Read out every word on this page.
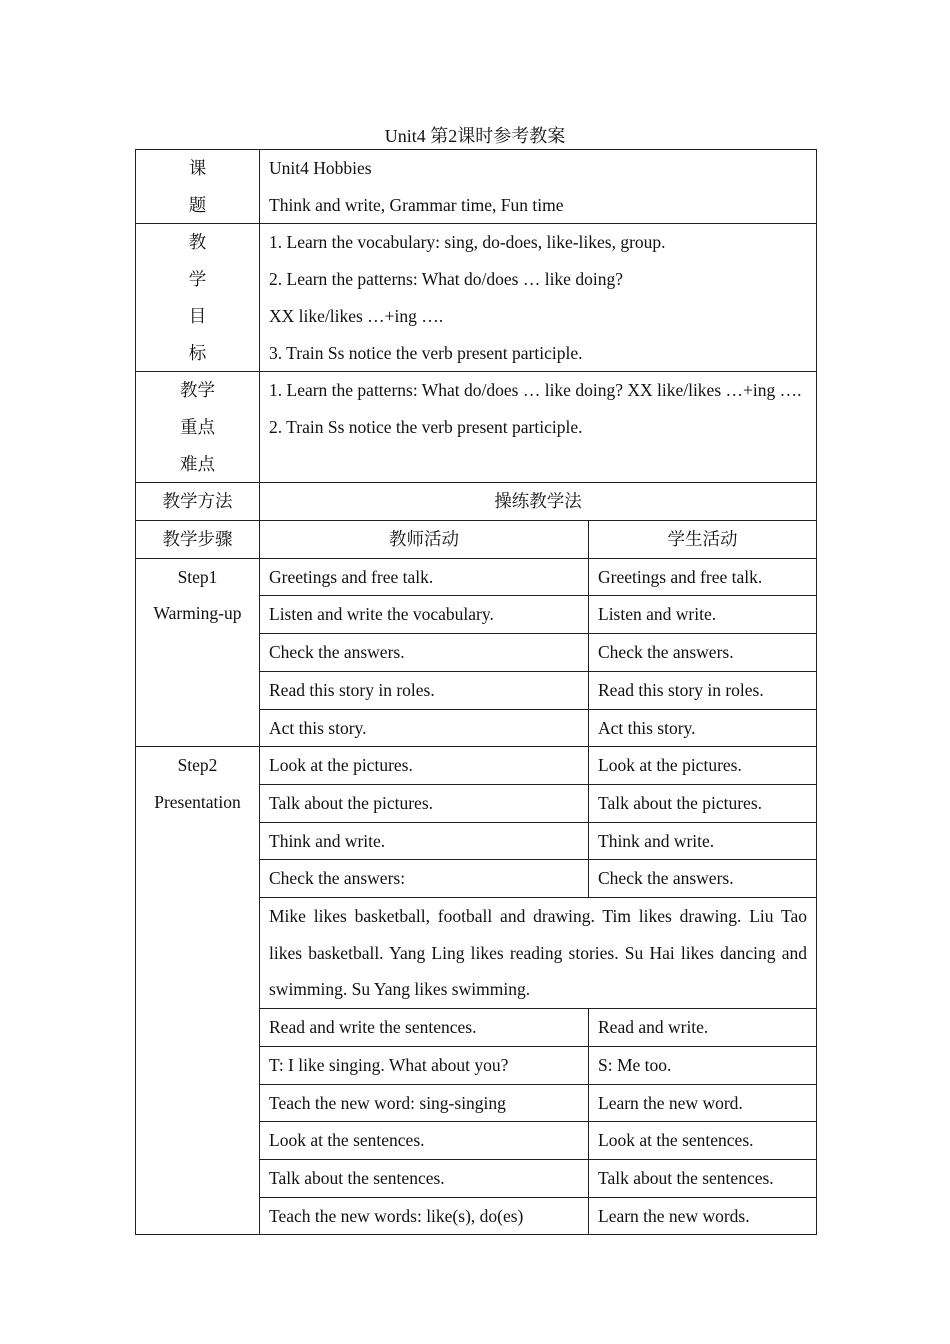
Unit4 第2课时参考教案
课
题	Unit4 Hobbies
Think and write, Grammar time, Fun time	

教
学
目
标	1. Learn the vocabulary: sing, do-does, like-likes, group.
2. Learn the patterns: What do/does … like doing?
XX like/likes …+ing ….
3. Train Ss notice the verb present participle.	

教学
重点
难点	1. Learn the patterns: What do/does … like doing? XX like/likes …+ing ….
2. Train Ss notice the verb present participle.	

教学方法	操练教学法	
教学步骤	教师活动	学生活动

Step1
Warming-up	Greetings and free talk.	Greetings and free talk.
	Listen and write the vocabulary.	Listen and write.
	Check the answers.	Check the answers.
	Read this story in roles.	Read this story in roles.
	Act this story.	Act this story.

Step2
Presentation	Look at the pictures.	Look at the pictures.
	Talk about the pictures.	Talk about the pictures.
	Think and write.	Think and write.
	Check the answers:	Check the answers.
	Mike likes basketball, football and drawing. Tim likes drawing. Liu Tao likes basketball. Yang Ling likes reading stories. Su Hai likes dancing and swimming. Su Yang likes swimming.	
	Read and write the sentences.	Read and write.
	T: I like singing. What about you?	S: Me too.
	Teach the new word: sing-singing	Learn the new word.
	Look at the sentences.	Look at the sentences.
	Talk about the sentences.	Talk about the sentences.
	Teach the new words: like(s), do(es)	Learn the new words.
